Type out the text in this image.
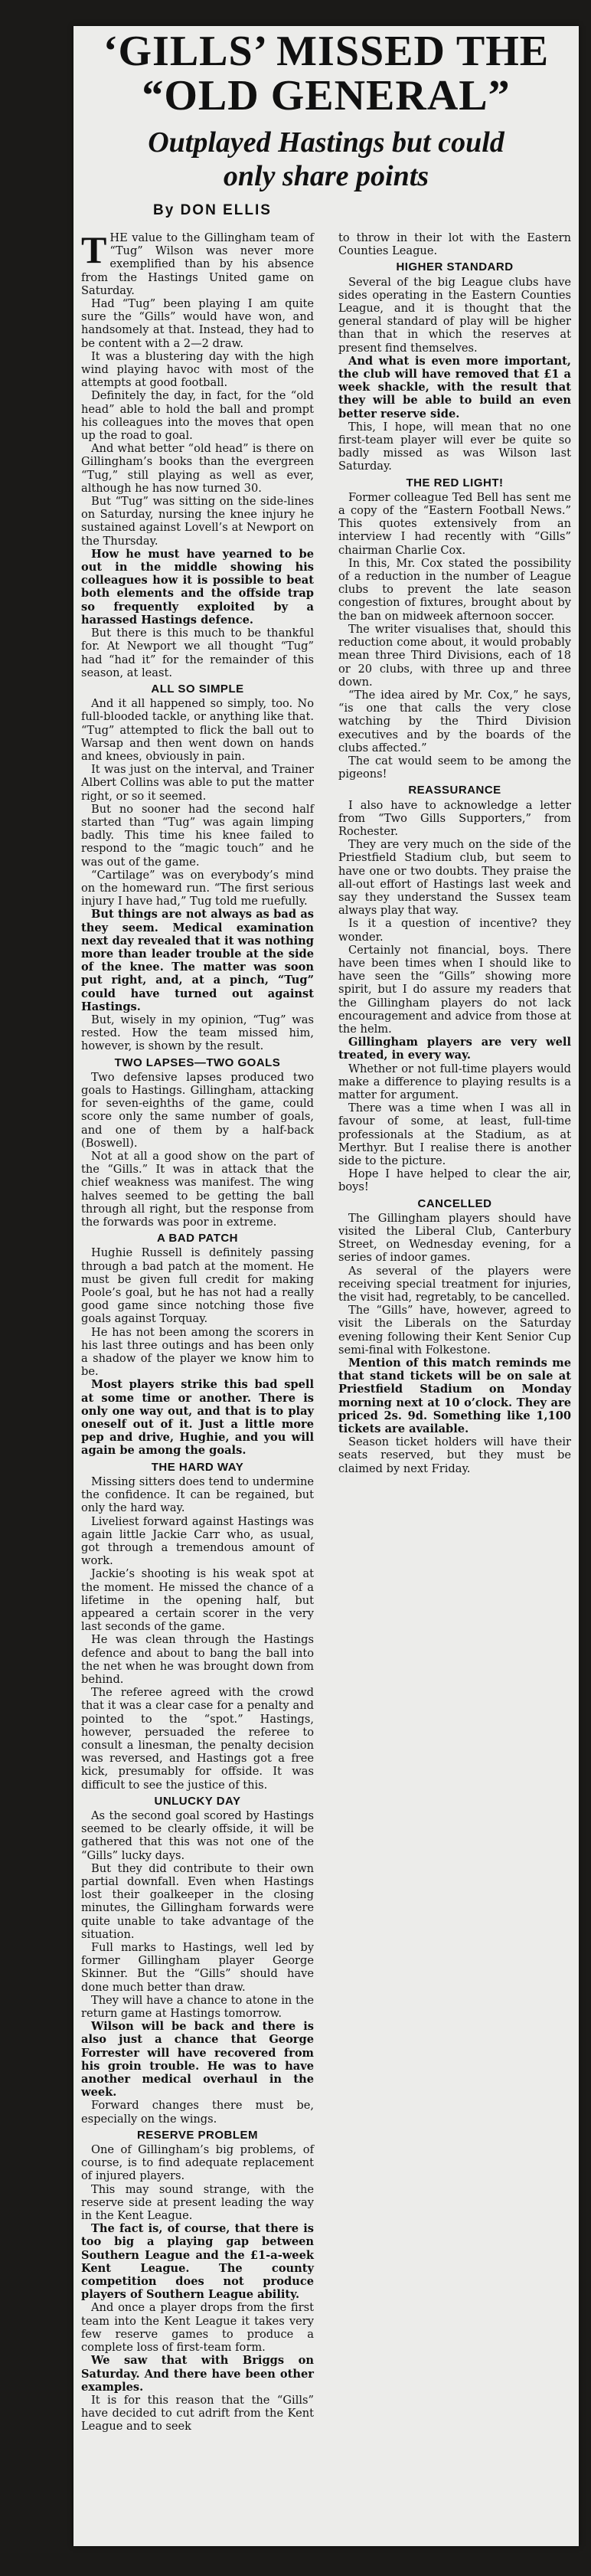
‘GILLS’ MISSED THE
“OLD GENERAL”
Outplayed Hastings but could
only share points
By DON ELLIS

THE value to the Gillingham team of “Tug” Wilson was never more exemplified than by his absence from the Hastings United game on Saturday.

Had “Tug” been playing I am quite sure the “Gills” would have won, and handsomely at that. Instead, they had to be content with a 2—2 draw.

It was a blustering day with the high wind playing havoc with most of the attempts at good football.

Definitely the day, in fact, for the “old head” able to hold the ball and prompt his colleagues into the moves that open up the road to goal.

And what better “old head” is there on Gillingham’s books than the evergreen “Tug,” still playing as well as ever, although he has now turned 30.

But “Tug” was sitting on the side-lines on Saturday, nursing the knee injury he sustained against Lovell’s at Newport on the Thursday.

How he must have yearned to be out in the middle showing his colleagues how it is possible to beat both elements and the offside trap so frequently exploited by a harassed Hastings defence.

But there is this much to be thankful for. At Newport we all thought “Tug” had “had it” for the remainder of this season, at least.

ALL SO SIMPLE

And it all happened so simply, too. No full-blooded tackle, or anything like that. “Tug” attempted to flick the ball out to Warsap and then went down on hands and knees, obviously in pain.

It was just on the interval, and Trainer Albert Collins was able to put the matter right, or so it seemed.

But no sooner had the second half started than “Tug” was again limping badly. This time his knee failed to respond to the “magic touch” and he was out of the game.

“Cartilage” was on everybody’s mind on the homeward run. “The first serious injury I have had,” Tug told me ruefully.

But things are not always as bad as they seem. Medical examination next day revealed that it was nothing more than leader trouble at the side of the knee. The matter was soon put right, and, at a pinch, “Tug” could have turned out against Hastings.

But, wisely in my opinion, “Tug” was rested. How the team missed him, however, is shown by the result.

TWO LAPSES—TWO GOALS

Two defensive lapses produced two goals to Hastings. Gillingham, attacking for seven-eighths of the game, could score only the same number of goals, and one of them by a half-back (Boswell).

Not at all a good show on the part of the “Gills.” It was in attack that the chief weakness was manifest. The wing halves seemed to be getting the ball through all right, but the response from the forwards was poor in extreme.

A BAD PATCH

Hughie Russell is definitely passing through a bad patch at the moment. He must be given full credit for making Poole’s goal, but he has not had a really good game since notching those five goals against Torquay.

He has not been among the scorers in his last three outings and has been only a shadow of the player we know him to be.

Most players strike this bad spell at some time or another. There is only one way out, and that is to play oneself out of it. Just a little more pep and drive, Hughie, and you will again be among the goals.

THE HARD WAY

Missing sitters does tend to undermine the confidence. It can be regained, but only the hard way.

Liveliest forward against Hastings was again little Jackie Carr who, as usual, got through a tremendous amount of work.

Jackie’s shooting is his weak spot at the moment. He missed the chance of a lifetime in the opening half, but appeared a certain scorer in the very last seconds of the game.

He was clean through the Hastings defence and about to bang the ball into the net when he was brought down from behind.

The referee agreed with the crowd that it was a clear case for a penalty and pointed to the “spot.” Hastings, however, persuaded the referee to consult a linesman, the penalty decision was reversed, and Hastings got a free kick, presumably for offside. It was difficult to see the justice of this.

UNLUCKY DAY

As the second goal scored by Hastings seemed to be clearly offside, it will be gathered that this was not one of the “Gills” lucky days.

But they did contribute to their own partial downfall. Even when Hastings lost their goalkeeper in the closing minutes, the Gillingham forwards were quite unable to take advantage of the situation.

Full marks to Hastings, well led by former Gillingham player George Skinner. But the “Gills” should have done much better than draw.

They will have a chance to atone in the return game at Hastings tomorrow.

Wilson will be back and there is also just a chance that George Forrester will have recovered from his groin trouble. He was to have another medical overhaul in the week.

Forward changes there must be, especially on the wings.

RESERVE PROBLEM

One of Gillingham’s big problems, of course, is to find adequate replacement of injured players.

This may sound strange, with the reserve side at present leading the way in the Kent League.

The fact is, of course, that there is too big a playing gap between Southern League and the £1-a-week Kent League. The county competition does not produce players of Southern League ability.

And once a player drops from the first team into the Kent League it takes very few reserve games to produce a complete loss of first-team form.

We saw that with Briggs on Saturday. And there have been other examples.

It is for this reason that the “Gills” have decided to cut adrift from the Kent League and to seek

to throw in their lot with the Eastern Counties League.

HIGHER STANDARD

Several of the big League clubs have sides operating in the Eastern Counties League, and it is thought that the general standard of play will be higher than that in which the reserves at present find themselves.

And what is even more important, the club will have removed that £1 a week shackle, with the result that they will be able to build an even better reserve side.

This, I hope, will mean that no one first-team player will ever be quite so badly missed as was Wilson last Saturday.

THE RED LIGHT!

Former colleague Ted Bell has sent me a copy of the “Eastern Football News.” This quotes extensively from an interview I had recently with “Gills” chairman Charlie Cox.

In this, Mr. Cox stated the possibility of a reduction in the number of League clubs to prevent the late season congestion of fixtures, brought about by the ban on midweek afternoon soccer.

The writer visualises that, should this reduction come about, it would probably mean three Third Divisions, each of 18 or 20 clubs, with three up and three down.

“The idea aired by Mr. Cox,” he says, “is one that calls the very close watching by the Third Division executives and by the boards of the clubs affected.”

The cat would seem to be among the pigeons!

REASSURANCE

I also have to acknowledge a letter from “Two Gills Supporters,” from Rochester.

They are very much on the side of the Priestfield Stadium club, but seem to have one or two doubts. They praise the all-out effort of Hastings last week and say they understand the Sussex team always play that way.

Is it a question of incentive? they wonder.

Certainly not financial, boys. There have been times when I should like to have seen the “Gills” showing more spirit, but I do assure my readers that the Gillingham players do not lack encouragement and advice from those at the helm.

Gillingham players are very well treated, in every way.

Whether or not full-time players would make a difference to playing results is a matter for argument.

There was a time when I was all in favour of some, at least, full-time professionals at the Stadium, as at Merthyr. But I realise there is another side to the picture.

Hope I have helped to clear the air, boys!

CANCELLED

The Gillingham players should have visited the Liberal Club, Canterbury Street, on Wednesday evening, for a series of indoor games.

As several of the players were receiving special treatment for injuries, the visit had, regretably, to be cancelled.

The “Gills” have, however, agreed to visit the Liberals on the Saturday evening following their Kent Senior Cup semi-final with Folkestone.

Mention of this match reminds me that stand tickets will be on sale at Priestfield Stadium on Monday morning next at 10 o’clock. They are priced 2s. 9d. Something like 1,100 tickets are available.

Season ticket holders will have their seats reserved, but they must be claimed by next Friday.
